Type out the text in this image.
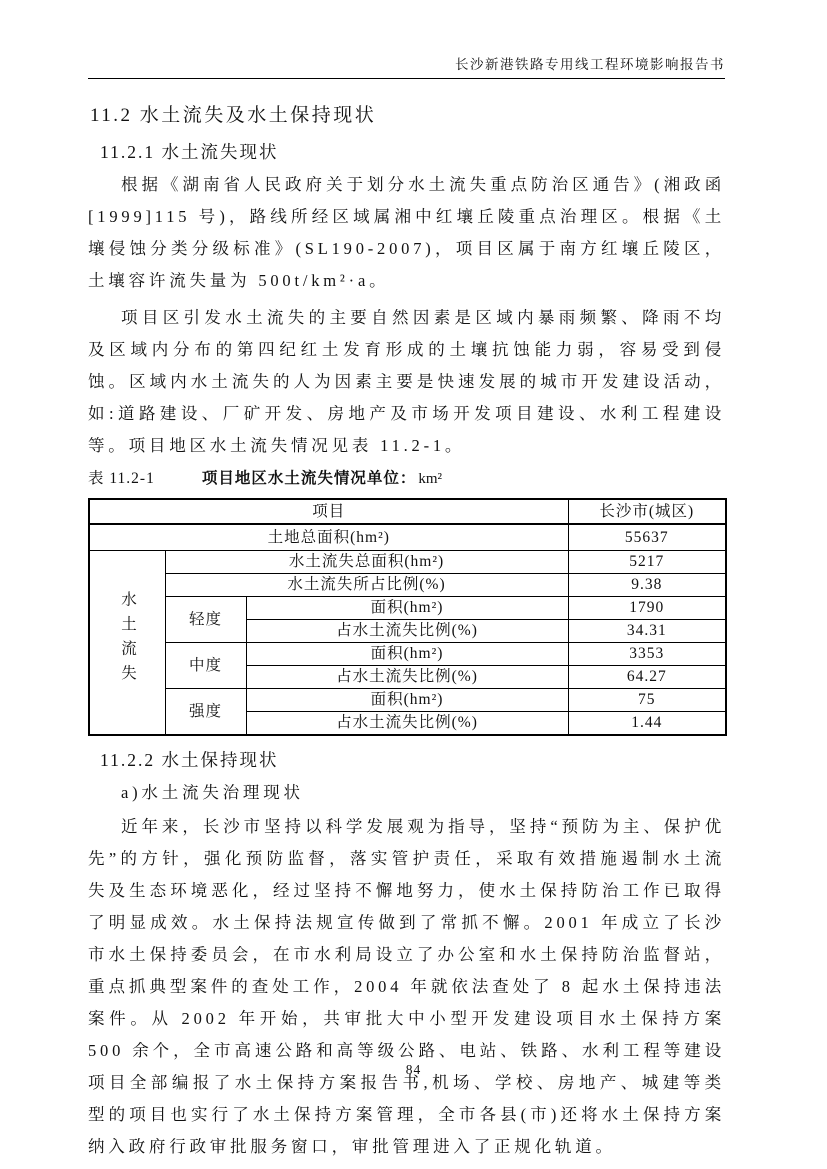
长沙新港铁路专用线工程环境影响报告书
11.2 水土流失及水土保持现状
11.2.1 水土流失现状

根据《湖南省人民政府关于划分水土流失重点防治区通告》(湘政函[1999]115 号)，路线所经区域属湘中红壤丘陵重点治理区。根据《土壤侵蚀分类分级标准》(SL190-2007)，项目区属于南方红壤丘陵区，土壤容许流失量为 500t/km²·a。

项目区引发水土流失的主要自然因素是区域内暴雨频繁、降雨不均及区域内分布的第四纪红土发育形成的土壤抗蚀能力弱，容易受到侵蚀。区域内水土流失的人为因素主要是快速发展的城市开发建设活动，如:道路建设、厂矿开发、房地产及市场开发项目建设、水利工程建设等。项目地区水土流失情况见表 11.2-1。

表 11.2-1	项目地区水土流失情况单位： km²
项目			长沙市(城区)
土地总面积(hm²)			55637
水土流失	水土流失总面积(hm²)		5217
	水土流失所占比例(%)		9.38
	轻度	面积(hm²)	1790
		占水土流失比例(%)	34.31
	中度	面积(hm²)	3353
		占水土流失比例(%)	64.27
	强度	面积(hm²)	75
		占水土流失比例(%)	1.44
11.2.2 水土保持现状

a)水土流失治理现状

近年来，长沙市坚持以科学发展观为指导，坚持“预防为主、保护优先”的方针，强化预防监督，落实管护责任，采取有效措施遏制水土流失及生态环境恶化，经过坚持不懈地努力，使水土保持防治工作已取得了明显成效。水土保持法规宣传做到了常抓不懈。2001 年成立了长沙市水土保持委员会，在市水利局设立了办公室和水土保持防治监督站，重点抓典型案件的查处工作，2004 年就依法查处了 8 起水土保持违法案件。从 2002 年开始，共审批大中小型开发建设项目水土保持方案 500 余个，全市高速公路和高等级公路、电站、铁路、水利工程等建设项目全部编报了水土保持方案报告书,机场、学校、房地产、城建等类型的项目也实行了水土保持方案管理，全市各县(市)还将水土保持方案纳入政府行政审批服务窗口，审批管理进入了正规化轨道。

84
